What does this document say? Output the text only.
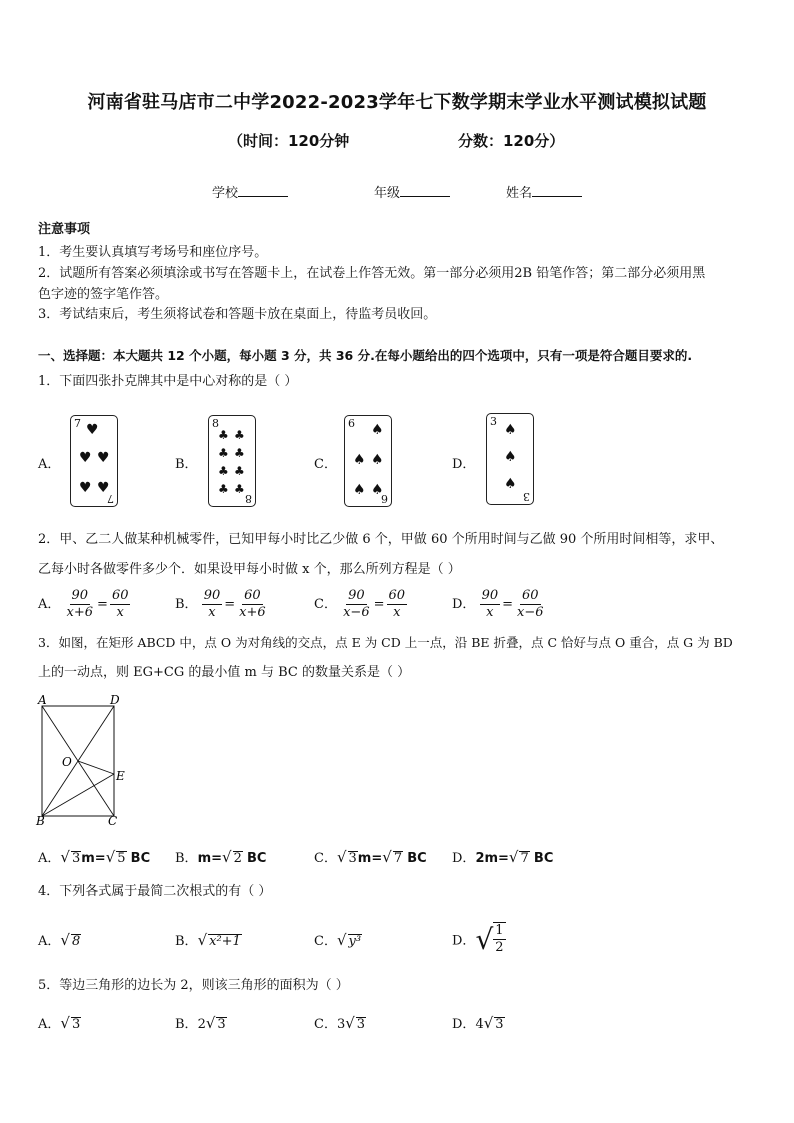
河南省驻马店市二中学2022-2023学年七下数学期末学业水平测试模拟试题
（时间：120分钟	分数：120分）
学校	年级	姓名
注意事项
1．考生要认真填写考场号和座位序号。
2．试题所有答案必须填涂或书写在答题卡上，在试卷上作答无效。第一部分必须用2B 铅笔作答；第二部分必须用黑
色字迹的签字笔作答。
3．考试结束后，考生须将试卷和答题卡放在桌面上，待监考员收回。
一、选择题：本大题共 12 个小题，每小题 3 分，共 36 分.在每小题给出的四个选项中，只有一项是符合题目要求的.
1．下面四张扑克牌其中是中心对称的是（ ）
A．	B．	C．	D．
7 ♥
♥ ♥
♥ ♥
7
8
♣ ♣
♣ ♣
♣ ♣
♣ ♣
8
6 ♠
♠ ♠
♠ ♠
6
3
♠
♠
♠
3
2．甲、乙二人做某种机械零件，已知甲每小时比乙少做 6 个，甲做 60 个所用时间与乙做 90 个所用时间相等，求甲、
乙每小时各做零件多少个．如果设甲每小时做 x 个，那么所列方程是（ ）
A． $\frac{90}{x+6} = \frac{60}{x}$	B． $\frac{90}{x} = \frac{60}{x+6}$	C． $\frac{90}{x-6} = \frac{60}{x}$	D． $\frac{90}{x} = \frac{60}{x-6}$
3．如图，在矩形 ABCD 中，点 O 为对角线的交点，点 E 为 CD 上一点，沿 BE 折叠，点 C 恰好与点 O 重合，点 G 为 BD
上的一动点，则 EG+CG 的最小值 m 与 BC 的数量关系是（ ）
A	D
B	C
O
E
A．√ 3m=√ 5 BC B．m=√ 2 BC	C．√ 3m=√ 7 BC D．2m=√ 7 BC
4．下列各式属于最简二次根式的有（ ）
A．√ 8	B．√ x²+1	C．√ y³	D．√ $\frac{1}{2}$
5．等边三角形的边长为 2，则该三角形的面积为（ ）
A．√ 3	B．2√ 3	C．3√ 3	D．4√ 3
